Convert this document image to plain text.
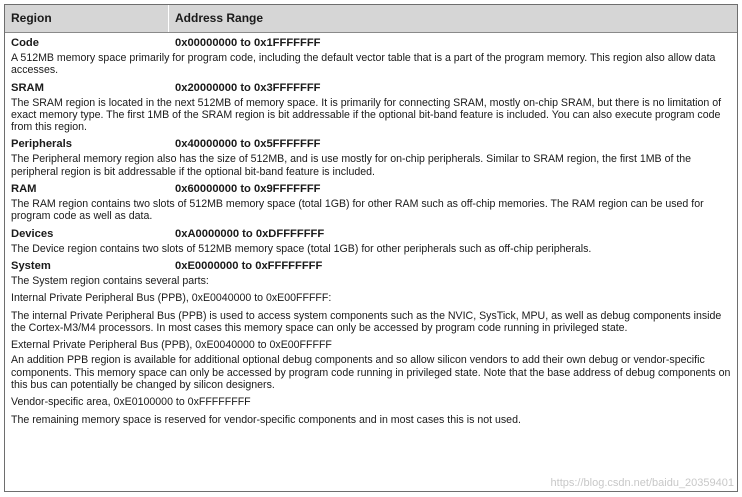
Region	Address Range
Code	0x00000000 to 0x1FFFFFFF
A 512MB memory space primarily for program code, including the default vector table that is a part of the program memory. This region also allow data accesses.
SRAM	0x20000000 to 0x3FFFFFFF
The SRAM region is located in the next 512MB of memory space. It is primarily for connecting SRAM, mostly on-chip SRAM, but there is no limitation of exact memory type. The first 1MB of the SRAM region is bit addressable if the optional bit-band feature is included. You can also execute program code from this region.
Peripherals	0x40000000 to 0x5FFFFFFF
The Peripheral memory region also has the size of 512MB, and is use mostly for on-chip peripherals. Similar to SRAM region, the first 1MB of the peripheral region is bit addressable if the optional bit-band feature is included.
RAM	0x60000000 to 0x9FFFFFFF
The RAM region contains two slots of 512MB memory space (total 1GB) for other RAM such as off-chip memories. The RAM region can be used for program code as well as data.
Devices	0xA0000000 to 0xDFFFFFFF
The Device region contains two slots of 512MB memory space (total 1GB) for other peripherals such as off-chip peripherals.
System	0xE0000000 to 0xFFFFFFFF
The System region contains several parts:
Internal Private Peripheral Bus (PPB), 0xE0040000 to 0xE00FFFFF:
The internal Private Peripheral Bus (PPB) is used to access system components such as the NVIC, SysTick, MPU, as well as debug components inside the Cortex-M3/M4 processors. In most cases this memory space can only be accessed by program code running in privileged state.
External Private Peripheral Bus (PPB), 0xE0040000 to 0xE00FFFFF
An addition PPB region is available for additional optional debug components and so allow silicon vendors to add their own debug or vendor-specific components. This memory space can only be accessed by program code running in privileged state. Note that the base address of debug components on this bus can potentially be changed by silicon designers.
Vendor-specific area, 0xE0100000 to 0xFFFFFFFF
The remaining memory space is reserved for vendor-specific components and in most cases this is not used.
https://blog.csdn.net/baidu_20359401
